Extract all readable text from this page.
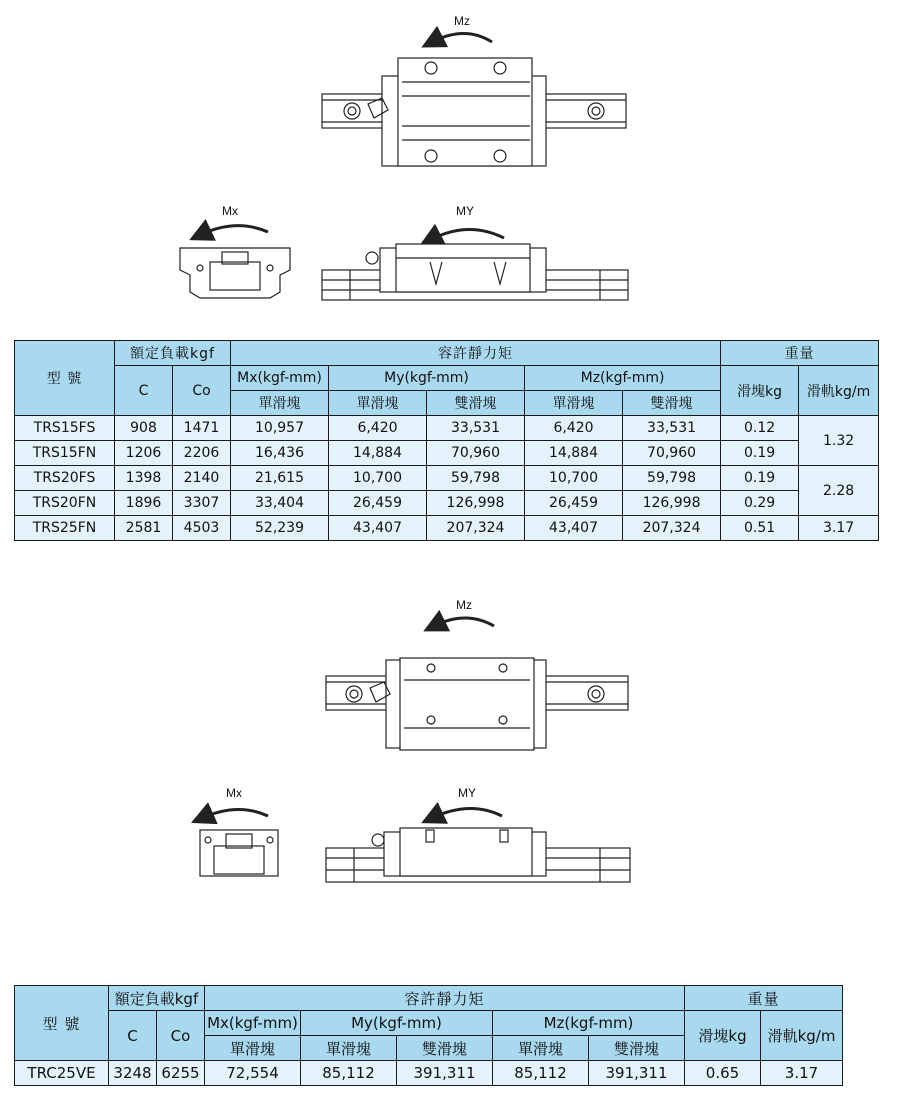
Mz
Mx	MY
型 號	額定負載kgf		容許靜力矩					重量	
	C	Co	Mx(kgf-mm)	My(kgf-mm)		Mz(kgf-mm)		滑塊kg	滑軌kg/m
			單滑塊	單滑塊	雙滑塊	單滑塊	雙滑塊		
TRS15FS	908	1471	10,957	6,420	33,531	6,420	33,531	0.12	1.32
TRS15FN	1206	2206	16,436	14,884	70,960	14,884	70,960	0.19	
TRS20FS	1398	2140	21,615	10,700	59,798	10,700	59,798	0.19	2.28
TRS20FN	1896	3307	33,404	26,459	126,998	26,459	126,998	0.29	
TRS25FN	2581	4503	52,239	43,407	207,324	43,407	207,324	0.51	3.17
Mz
Mx	MY
型 號	額定負載kgf		容許靜力矩					重量	
	C	Co	Mx(kgf-mm)	My(kgf-mm)		Mz(kgf-mm)		滑塊kg	滑軌kg/m
			單滑塊	單滑塊	雙滑塊	單滑塊	雙滑塊		
TRC25VE	3248	6255	72,554	85,112	391,311	85,112	391,311	0.65	3.17
